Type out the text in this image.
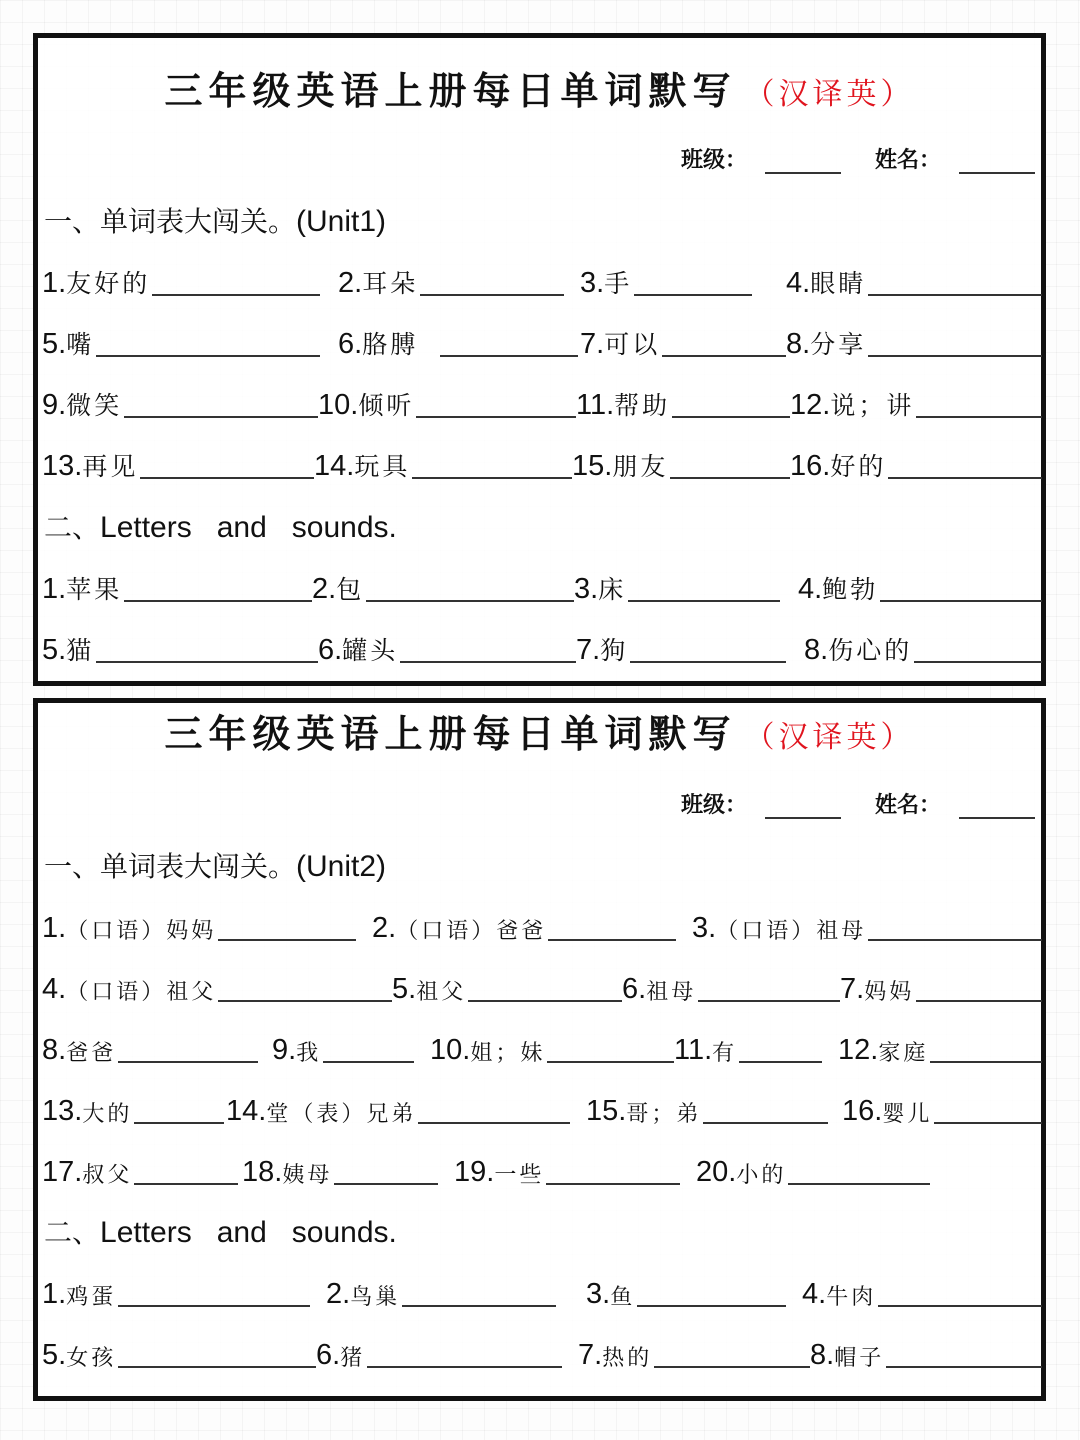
三年级英语上册每日单词默写 （汉译英）
班级：	姓名：
一、单词表大闯关。(Unit1)
1. 友好的	2. 耳朵	3. 手	4. 眼睛
5. 嘴	6. 胳膊	7. 可以	8. 分享
9. 微笑	10. 倾听	11. 帮助	12. 说；讲
13. 再见	14. 玩具	15. 朋友	16. 好的
二、Letters   and   sounds.
1. 苹果	2. 包	3. 床	4. 鲍勃
5. 猫	6. 罐头	7. 狗	8. 伤心的
三年级英语上册每日单词默写 （汉译英）
班级：	姓名：
一、单词表大闯关。(Unit2)
1. （口语）妈妈	2. （口语）爸爸	3. （口语）祖母
4. （口语）祖父	5. 祖父	6. 祖母	7. 妈妈
8. 爸爸	9. 我	10. 姐；妹	11. 有	12. 家庭
13. 大的	14. 堂（表）兄弟	15. 哥；弟	16. 婴儿
17. 叔父	18. 姨母	19. 一些	20. 小的
二、Letters   and   sounds.
1. 鸡蛋	2. 鸟巢	3. 鱼	4. 牛肉
5. 女孩	6. 猪	7. 热的	8. 帽子
